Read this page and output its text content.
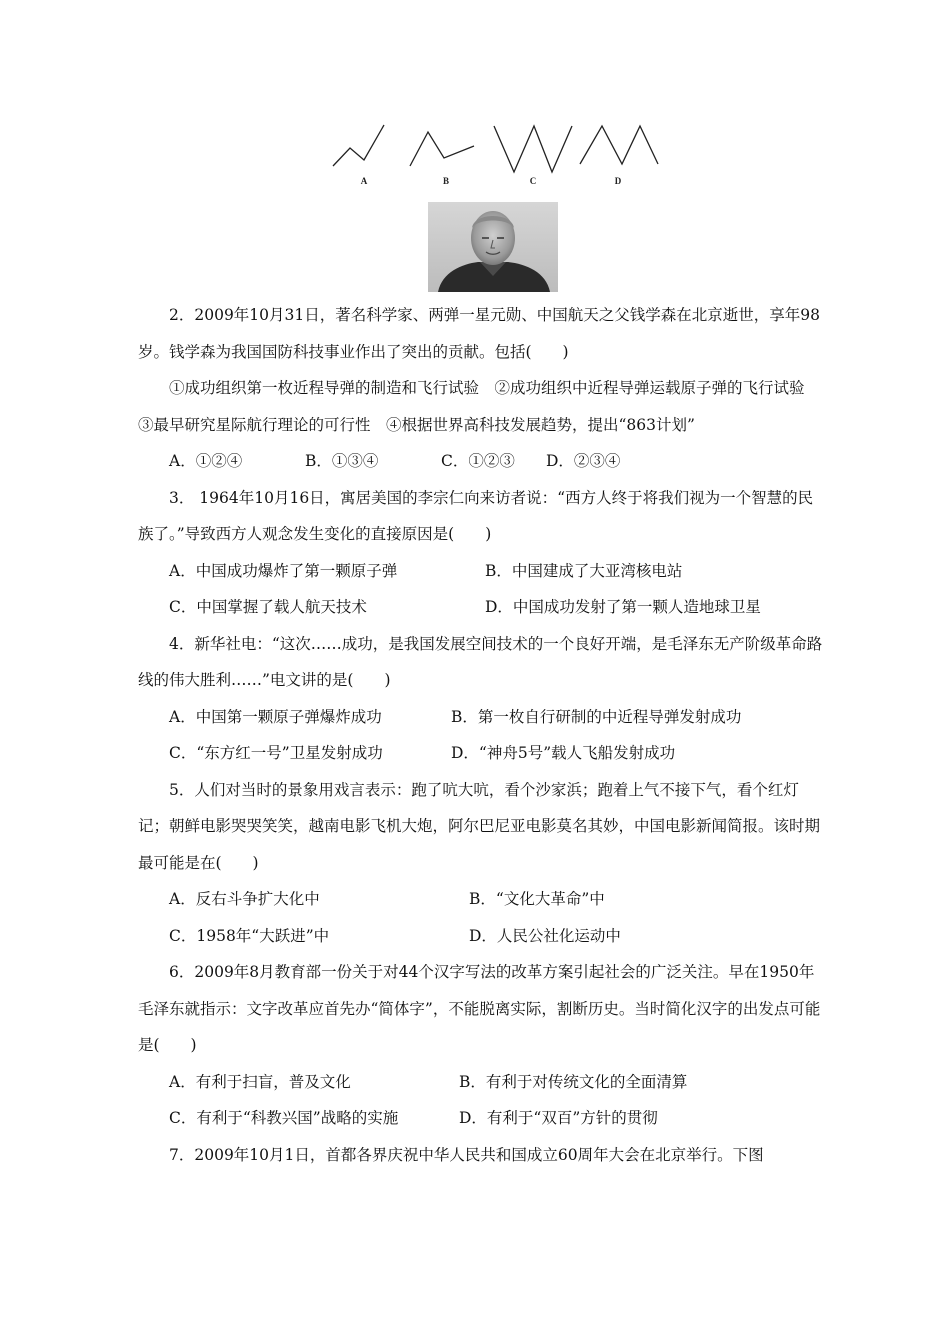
A	B	C	D

2．2009年10月31日，著名科学家、两弹一星元勋、中国航天之父钱学森在北京逝世，享年98岁。钱学森为我国国防科技事业作出了突出的贡献。包括(　　)

①成功组织第一枚近程导弹的制造和飞行试验　②成功组织中近程导弹运载原子弹的飞行试验　③最早研究星际航行理论的可行性　④根据世界高科技发展趋势，提出“863计划”A．①②④	B．①③④	C．①②③ D．②③④

3． 1964年10月16日，寓居美国的李宗仁向来访者说：“西方人终于将我们视为一个智慧的民族了。”导致西方人观念发生变化的直接原因是(　　)

A．中国成功爆炸了第一颗原子弹	B．中国建成了大亚湾核电站
C．中国掌握了载人航天技术	D．中国成功发射了第一颗人造地球卫星

4．新华社电：“这次……成功，是我国发展空间技术的一个良好开端，是毛泽东无产阶级革命路线的伟大胜利……”电文讲的是(　　)

A．中国第一颗原子弹爆炸成功	B．第一枚自行研制的中近程导弹发射成功
C．“东方红一号”卫星发射成功	D．“神舟5号”载人飞船发射成功

5．人们对当时的景象用戏言表示：跑了吭大吭，看个沙家浜；跑着上气不接下气，看个红灯记；朝鲜电影哭哭笑笑，越南电影飞机大炮，阿尔巴尼亚电影莫名其妙，中国电影新闻简报。该时期最可能是在(　　)

A．反右斗争扩大化中	B．“文化大革命”中
C．1958年“大跃进”中	D．人民公社化运动中

6．2009年8月教育部一份关于对44个汉字写法的改革方案引起社会的广泛关注。早在1950年毛泽东就指示：文字改革应首先办“简体字”，不能脱离实际，割断历史。当时简化汉字的出发点可能是(　　)

A．有利于扫盲，普及文化	B．有利于对传统文化的全面清算
C．有利于“科教兴国”战略的实施	D．有利于“双百”方针的贯彻

7．2009年10月1日，首都各界庆祝中华人民共和国成立60周年大会在北京举行。下图
